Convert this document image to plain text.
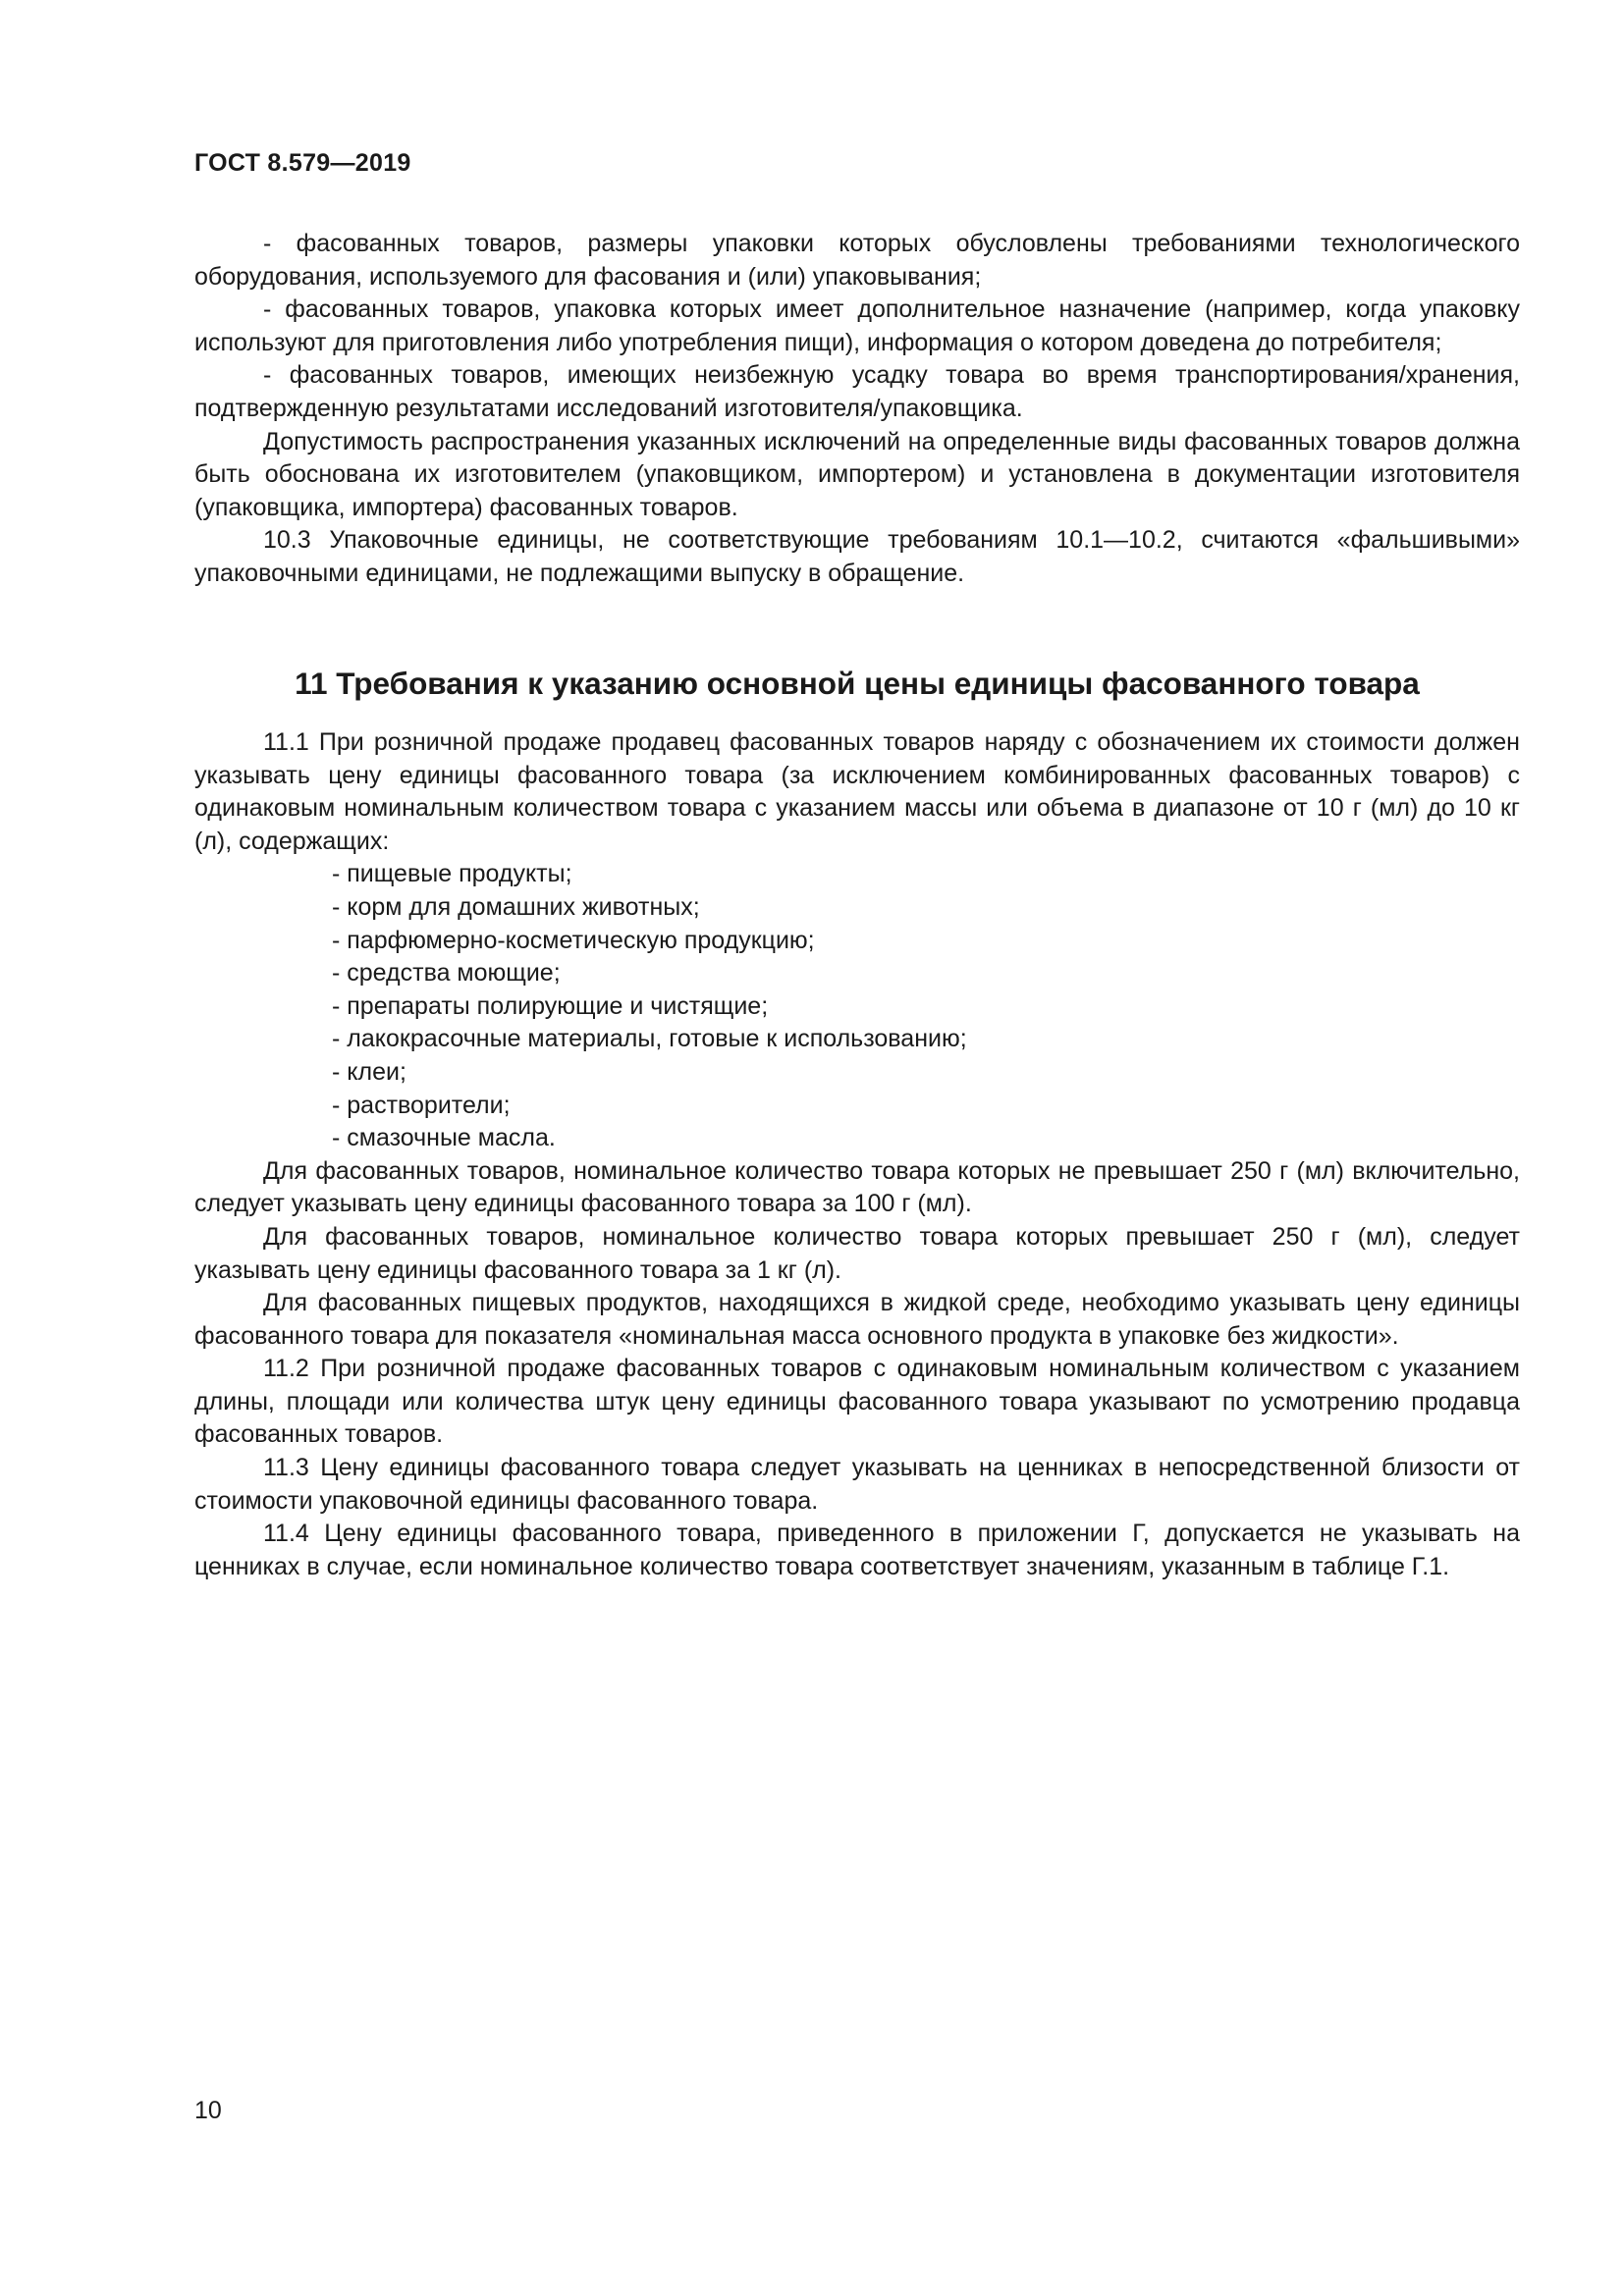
ГОСТ 8.579—2019

- фасованных товаров, размеры упаковки которых обусловлены требованиями технологического оборудования, используемого для фасования и (или) упаковывания;

- фасованных товаров, упаковка которых имеет дополнительное назначение (например, когда упаковку используют для приготовления либо употребления пищи), информация о котором доведена до потребителя;

- фасованных товаров, имеющих неизбежную усадку товара во время транспортирования/хранения, подтвержденную результатами исследований изготовителя/упаковщика.

Допустимость распространения указанных исключений на определенные виды фасованных товаров должна быть обоснована их изготовителем (упаковщиком, импортером) и установлена в документации изготовителя (упаковщика, импортера) фасованных товаров.

10.3 Упаковочные единицы, не соответствующие требованиям 10.1—10.2, считаются «фальшивыми» упаковочными единицами, не подлежащими выпуску в обращение.

11 Требования к указанию основной цены единицы фасованного товара

11.1 При розничной продаже продавец фасованных товаров наряду с обозначением их стоимости должен указывать цену единицы фасованного товара (за исключением комбинированных фасованных товаров) с одинаковым номинальным количеством товара с указанием массы или объема в диапазоне от 10 г (мл) до 10 кг (л), содержащих:

- пищевые продукты;

- корм для домашних животных;

- парфюмерно-косметическую продукцию;

- средства моющие;

- препараты полирующие и чистящие;

- лакокрасочные материалы, готовые к использованию;

- клеи;

- растворители;

- смазочные масла.

Для фасованных товаров, номинальное количество товара которых не превышает 250 г (мл) включительно, следует указывать цену единицы фасованного товара за 100 г (мл).

Для фасованных товаров, номинальное количество товара которых превышает 250 г (мл), следует указывать цену единицы фасованного товара за 1 кг (л).

Для фасованных пищевых продуктов, находящихся в жидкой среде, необходимо указывать цену единицы фасованного товара для показателя «номинальная масса основного продукта в упаковке без жидкости».

11.2 При розничной продаже фасованных товаров с одинаковым номинальным количеством с указанием длины, площади или количества штук цену единицы фасованного товара указывают по усмотрению продавца фасованных товаров.

11.3 Цену единицы фасованного товара следует указывать на ценниках в непосредственной близости от стоимости упаковочной единицы фасованного товара.

11.4 Цену единицы фасованного товара, приведенного в приложении Г, допускается не указывать на ценниках в случае, если номинальное количество товара соответствует значениям, указанным в таблице Г.1.

10
